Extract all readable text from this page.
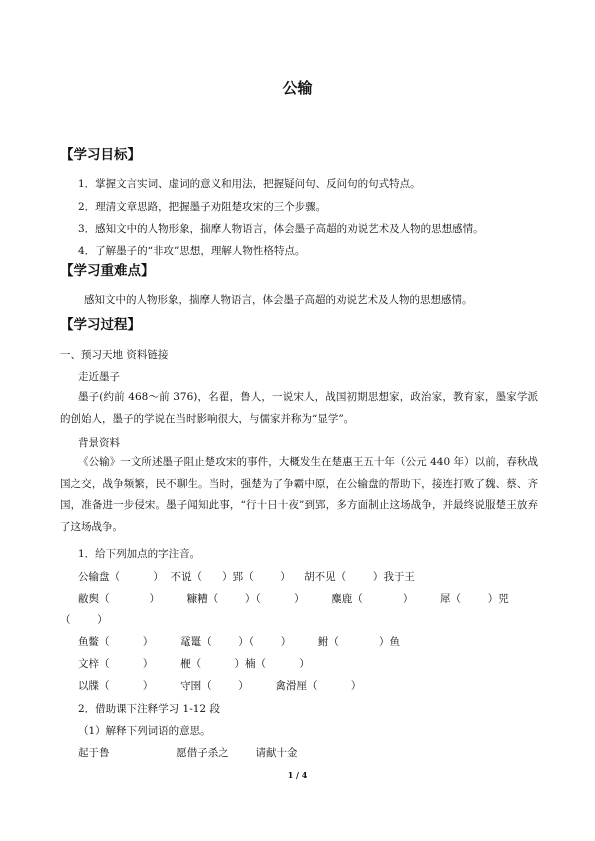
公输
【学习目标】
1．掌握文言实词、虚词的意义和用法，把握疑问句、反问句的句式特点。
2．理清文章思路，把握墨子劝阻楚攻宋的三个步骤。
3．感知文中的人物形象，揣摩人物语言，体会墨子高超的劝说艺术及人物的思想感情。
4．了解墨子的“非攻”思想，理解人物性格特点。
【学习重难点】
感知文中的人物形象，揣摩人物语言，体会墨子高超的劝说艺术及人物的思想感情。
【学习过程】
一、预习天地 资料链接
走近墨子
墨子(约前 468～前 376)，名翟，鲁人，一说宋人，战国初期思想家，政治家，教育家，墨家学派的创始人，墨子的学说在当时影响很大，与儒家并称为“显学”。
背景资料
《公输》一文所述墨子阻止楚攻宋的事件，大概发生在楚惠王五十年（公元 440 年）以前，春秋战国之交，战争频繁，民不聊生。当时，强楚为了争霸中原，在公输盘的帮助下，接连打败了魏、蔡、齐国，准备进一步侵宋。墨子闻知此事，“行十日十夜”到郢，多方面制止这场战争，并最终说服楚王放弃了这场战争。
1．给下列加点的字注音。
公输盘（          ）  不说（      ）郢（        ）    胡不见（        ）我于王
敝舆（            ）        糠糟（        ）（          ）        麋鹿（            ）        犀（        ）兕
（        ）
鱼鳖（          ）        鼋鼍（        ）（        ）        鲋（            ）鱼
文梓（          ）        楩（          ）楠（          ）
以牒（          ）        守圉（        ）        禽滑厘（          ）
2．借助课下注释学习 1-12 段
（1）解释下列词语的意思。
起于鲁                    愿借子杀之        请献十金
1 / 4
